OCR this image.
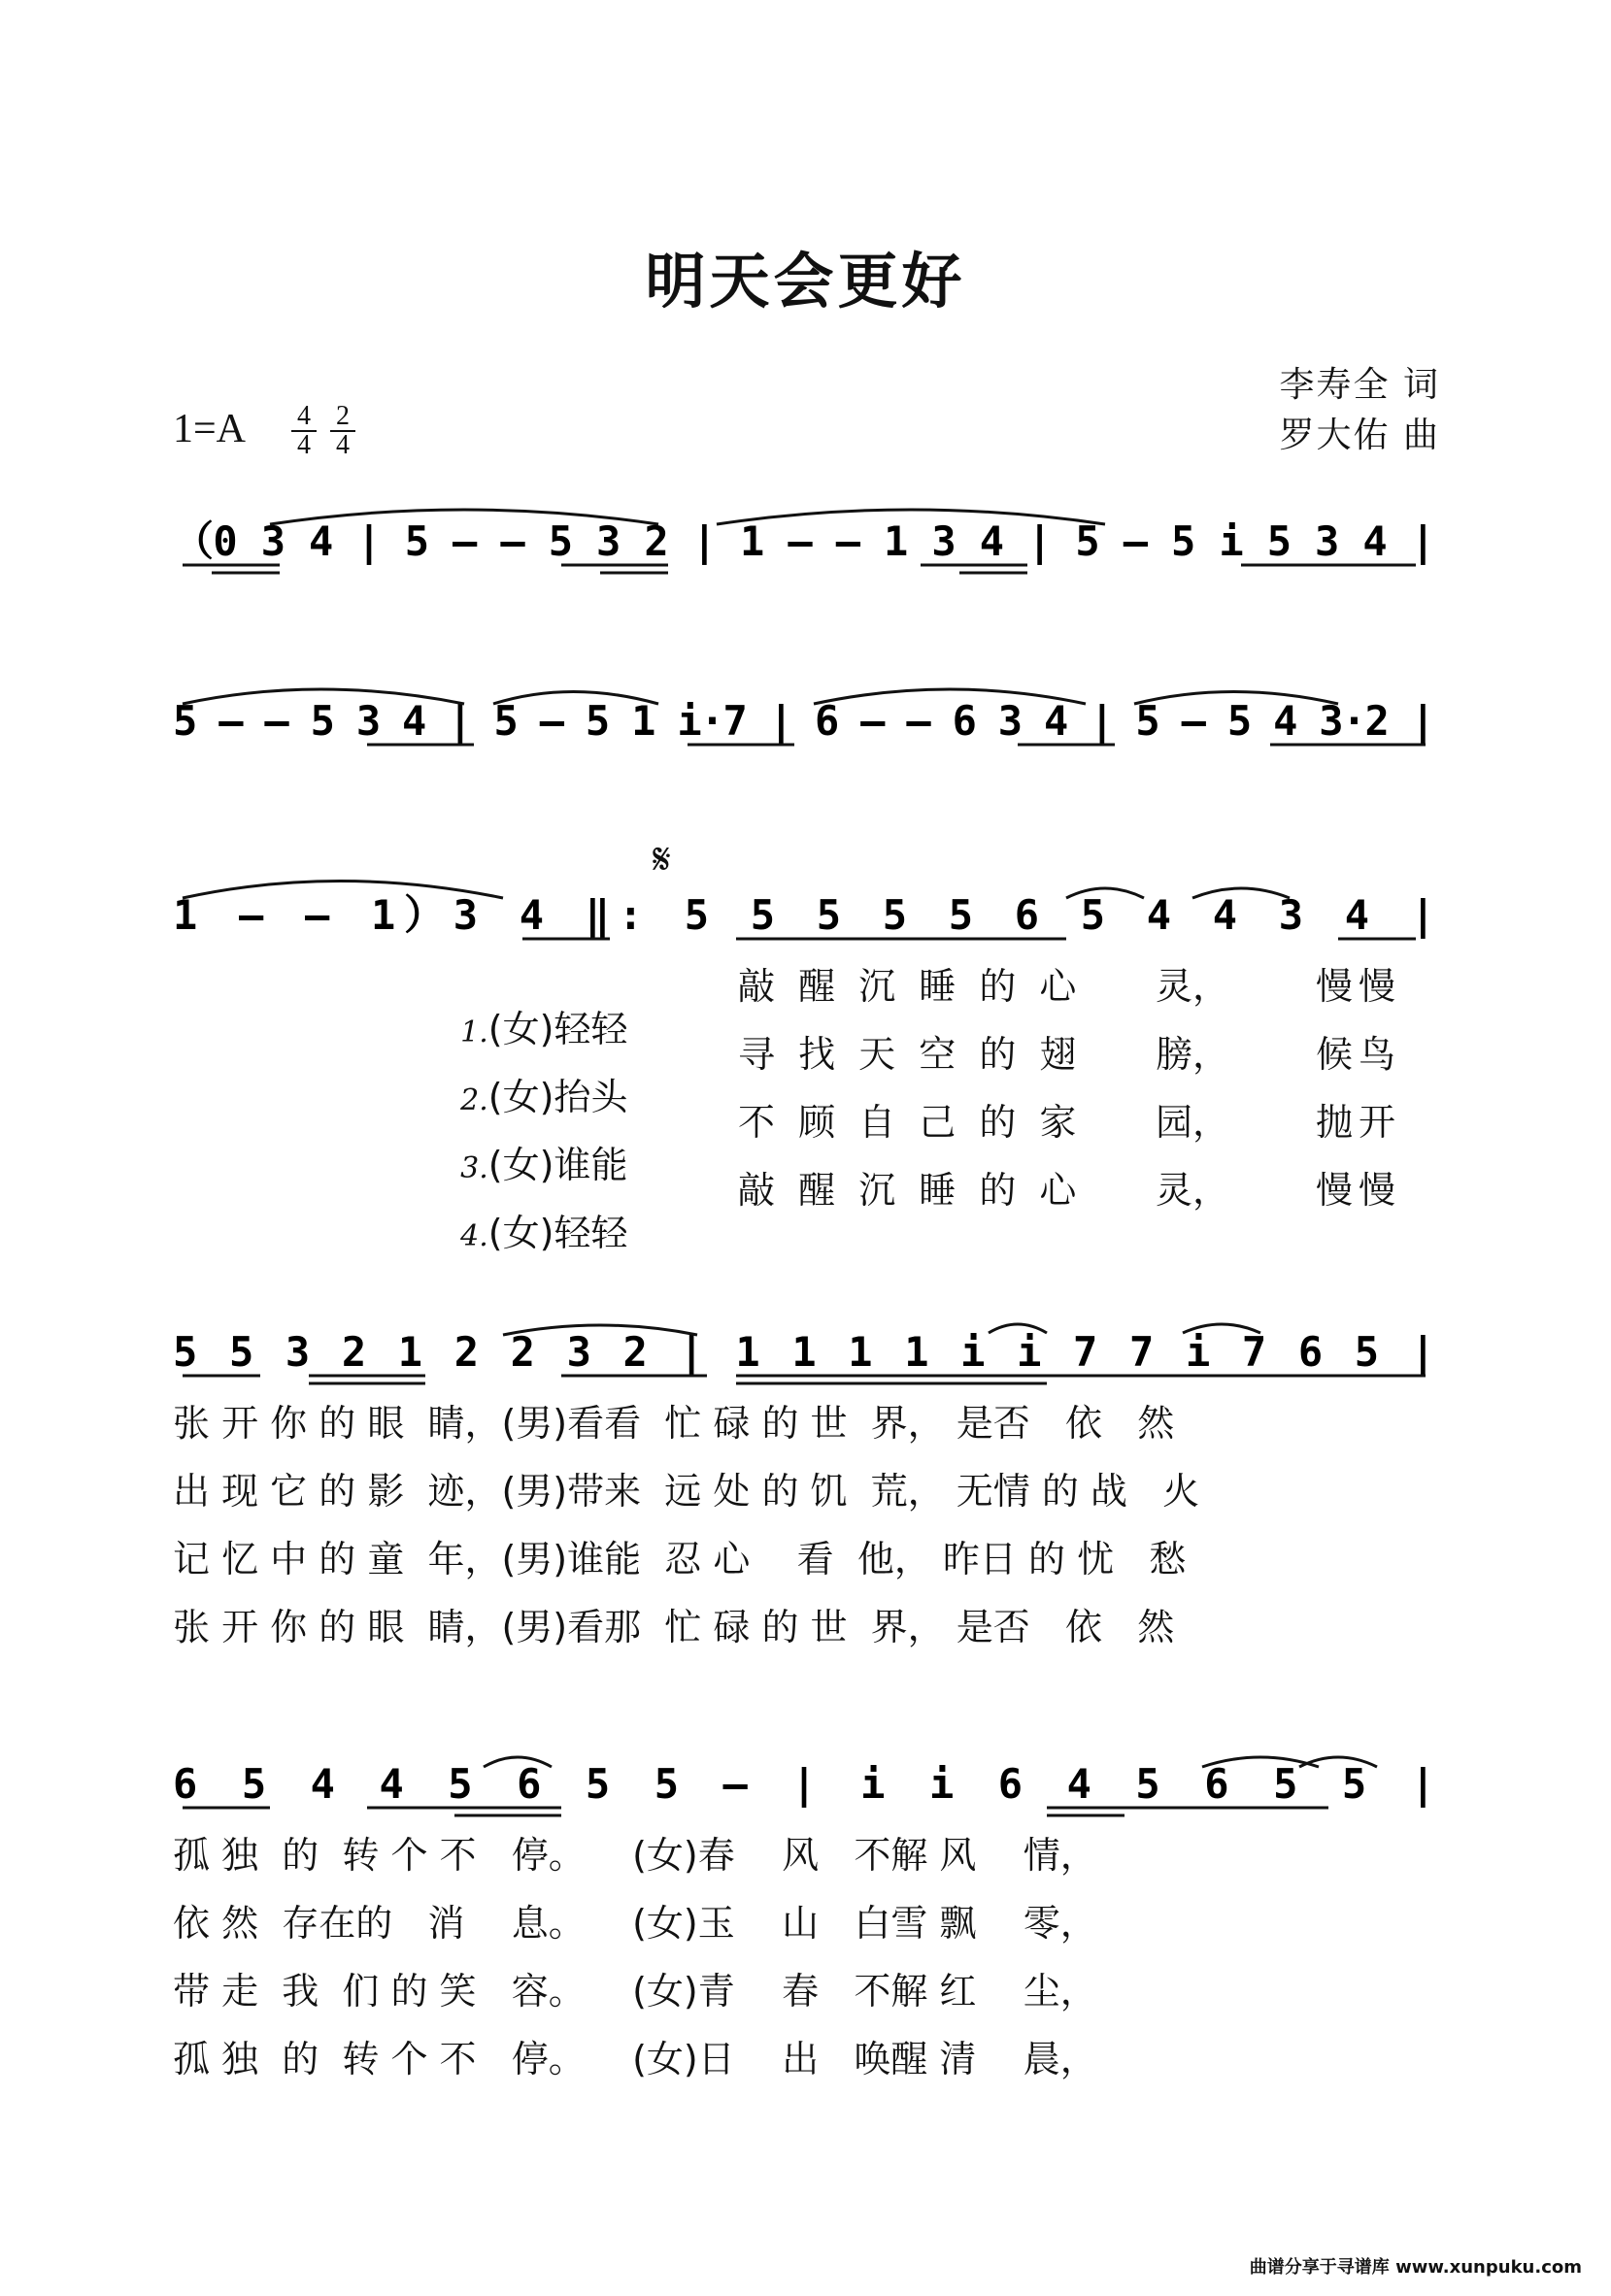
明天会更好
李寿全 词
罗大佑 曲
1=A 4
4
2
4
（0 3 4 | 5 – – 5 3 2 | 1 – – 1 3 4 | 5 – 5 i 5 3 4 |
5 – – 5 3 4 | 5 – 5 1 i·7 | 6 – – 6 3 4 | 5 – 5 4 3·2 |
𝄋
1 – – 1）3 4 ‖: 5 5 5 5 5 6 5 4 4 3 4 |

1.(女)轻轻

敲 醒 沉 睡 的 心 灵， 慢慢

2.(女)抬头

寻 找 天 空 的 翅 膀， 候鸟

3.(女)谁能

不 顾 自 己 的 家 园， 抛开

4.(女)轻轻

敲 醒 沉 睡 的 心 灵， 慢慢
5 5 3 2 1 2 2 3 2 | 1 1 1 1 i i 7 7 i 7 6 5 |
张 开 你 的 眼  睛，(男)看看  忙 碌 的 世  界， 是否   依   然
出 现 它 的 影  迹，(男)带来  远 处 的 饥  荒， 无情 的 战   火
记 忆 中 的 童  年，(男)谁能  忍 心    看  他， 昨日 的 忧   愁
张 开 你 的 眼  睛，(男)看那  忙 碌 的 世  界， 是否   依   然
6 5 4 4 5 6 5 5 – | i i 6 4 5 6 5 5 |
孤 独  的  转 个 不   停。    (女)春    风   不解 风    情，
依 然  存在的   消    息。    (女)玉    山   白雪 飘    零，
带 走  我  们 的 笑   容。    (女)青    春   不解 红    尘，
孤 独  的  转 个 不   停。    (女)日    出   唤醒 清    晨，
曲谱分享于寻谱库 www.xunpuku.com
